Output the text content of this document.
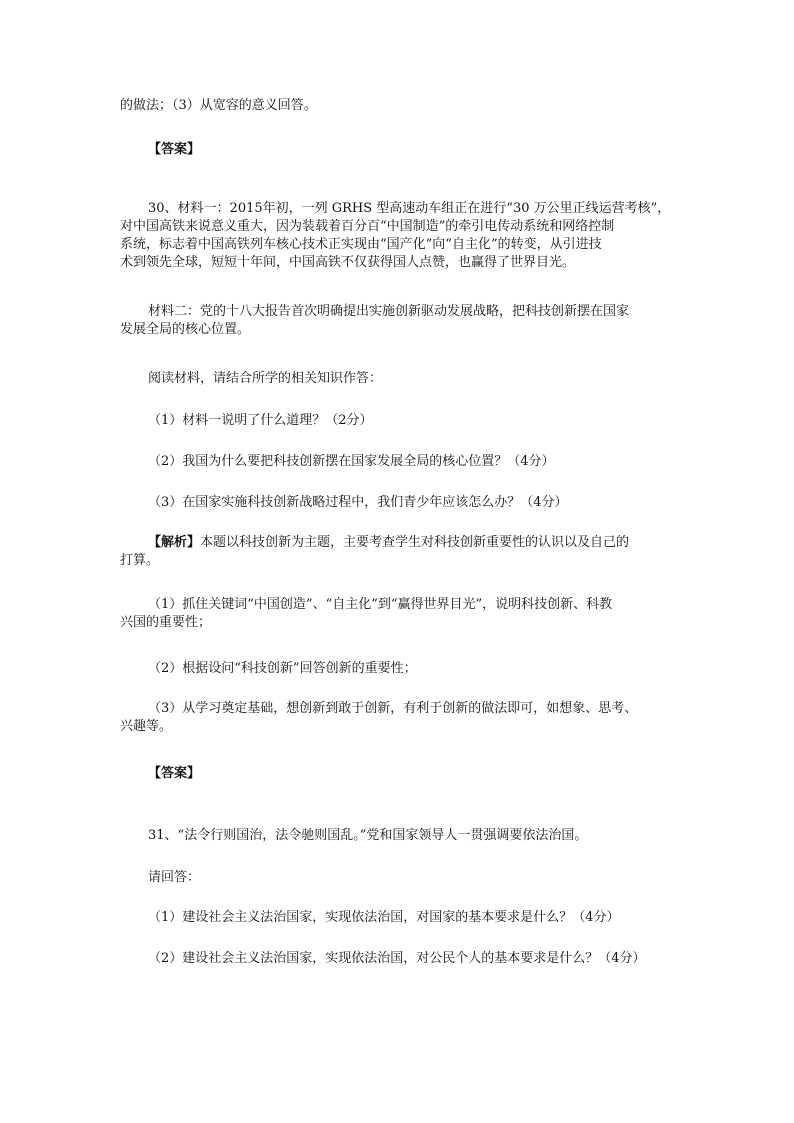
的做法；（3）从宽容的意义回答。
【答案】
30、材料一：2015年初，一列 GRHS 型高速动车组正在进行“30 万公里正线运营考核”，
对中国高铁来说意义重大，因为装载着百分百“中国制造”的牵引电传动系统和网络控制
系统，标志着中国高铁列车核心技术正实现由“国产化”向“自主化”的转变，从引进技
术到领先全球，短短十年间，中国高铁不仅获得国人点赞，也赢得了世界目光。
材料二：党的十八大报告首次明确提出实施创新驱动发展战略，把科技创新摆在国家
发展全局的核心位置。
阅读材料，请结合所学的相关知识作答：
（1）材料一说明了什么道理？（2分）
（2）我国为什么要把科技创新摆在国家发展全局的核心位置？（4分）
（3）在国家实施科技创新战略过程中，我们青少年应该怎么办？（4分）
【解析】本题以科技创新为主题，主要考查学生对科技创新重要性的认识以及自己的
打算。
（1）抓住关键词“中国创造”、“自主化”到“赢得世界目光”，说明科技创新、科教
兴国的重要性；
（2）根据设问“科技创新”回答创新的重要性；
（3）从学习奠定基础，想创新到敢于创新，有利于创新的做法即可，如想象、思考、
兴趣等。
【答案】
31、“法令行则国治，法令驰则国乱。”党和国家领导人一贯强调要依法治国。
请回答：
（1）建设社会主义法治国家，实现依法治国，对国家的基本要求是什么？（4分）
（2）建设社会主义法治国家，实现依法治国，对公民个人的基本要求是什么？（4分）
